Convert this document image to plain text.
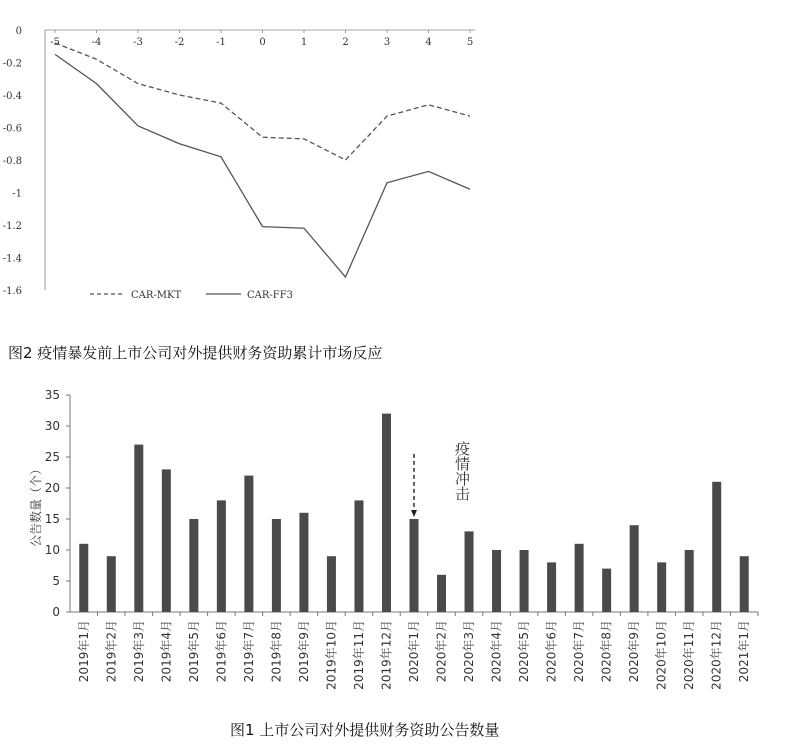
0
-0.2
-0.4
-0.6
-0.8
-1
-1.2
-1.4
-1.6
-5	-4	-3	-2	-1	0	1	2	3	4	5
CAR-MKT	CAR-FF3
图2 疫情暴发前上市公司对外提供财务资助累计市场反应
0
5
10
15
20
25
30
35
2019年1月 2019年2月 2019年3月 2019年4月 2019年5月 2019年6月 2019年7月 2019年8月 2019年9月 2019年10月 2019年11月 2019年12月 2020年1月 2020年2月 2020年3月 2020年4月 2020年5月 2020年6月 2020年7月 2020年8月 2020年9月 2020年10月 2020年11月 2020年12月 2021年1月
公告数量（个）	疫情冲击
图1 上市公司对外提供财务资助公告数量
